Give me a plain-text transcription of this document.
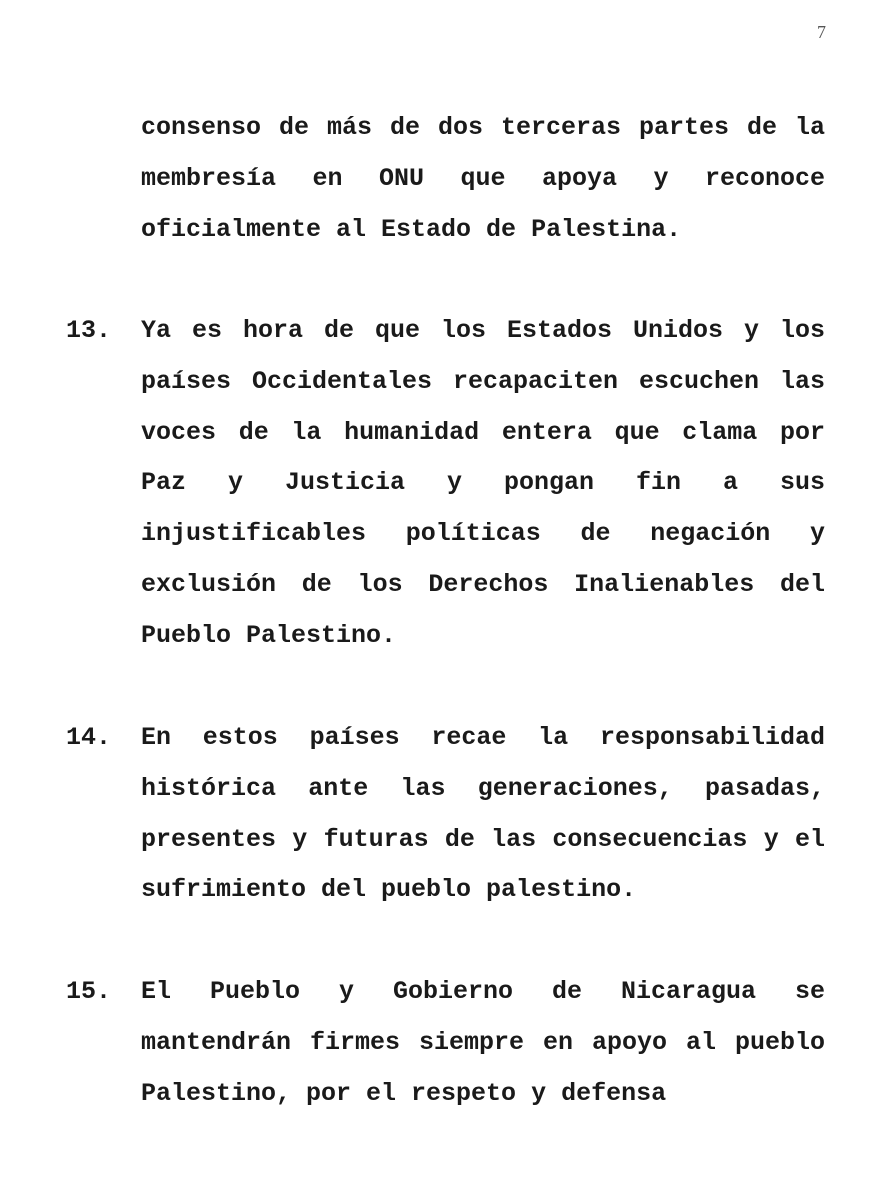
7
consenso de más de dos terceras partes de la membresía en ONU que apoya y reconoce oficialmente al Estado de Palestina.
13.	Ya es hora de que los Estados Unidos y los países Occidentales recapaciten escuchen las voces de la humanidad entera que clama por Paz y Justicia y pongan fin a sus injustificables políticas de negación y exclusión de los Derechos Inalienables del Pueblo Palestino.
14.	En estos países recae la responsabilidad histórica ante las generaciones, pasadas, presentes y futuras de las consecuencias y el sufrimiento del pueblo palestino.
15.	El Pueblo y Gobierno de Nicaragua se mantendrán firmes siempre en apoyo al pueblo Palestino, por el respeto y defensa
